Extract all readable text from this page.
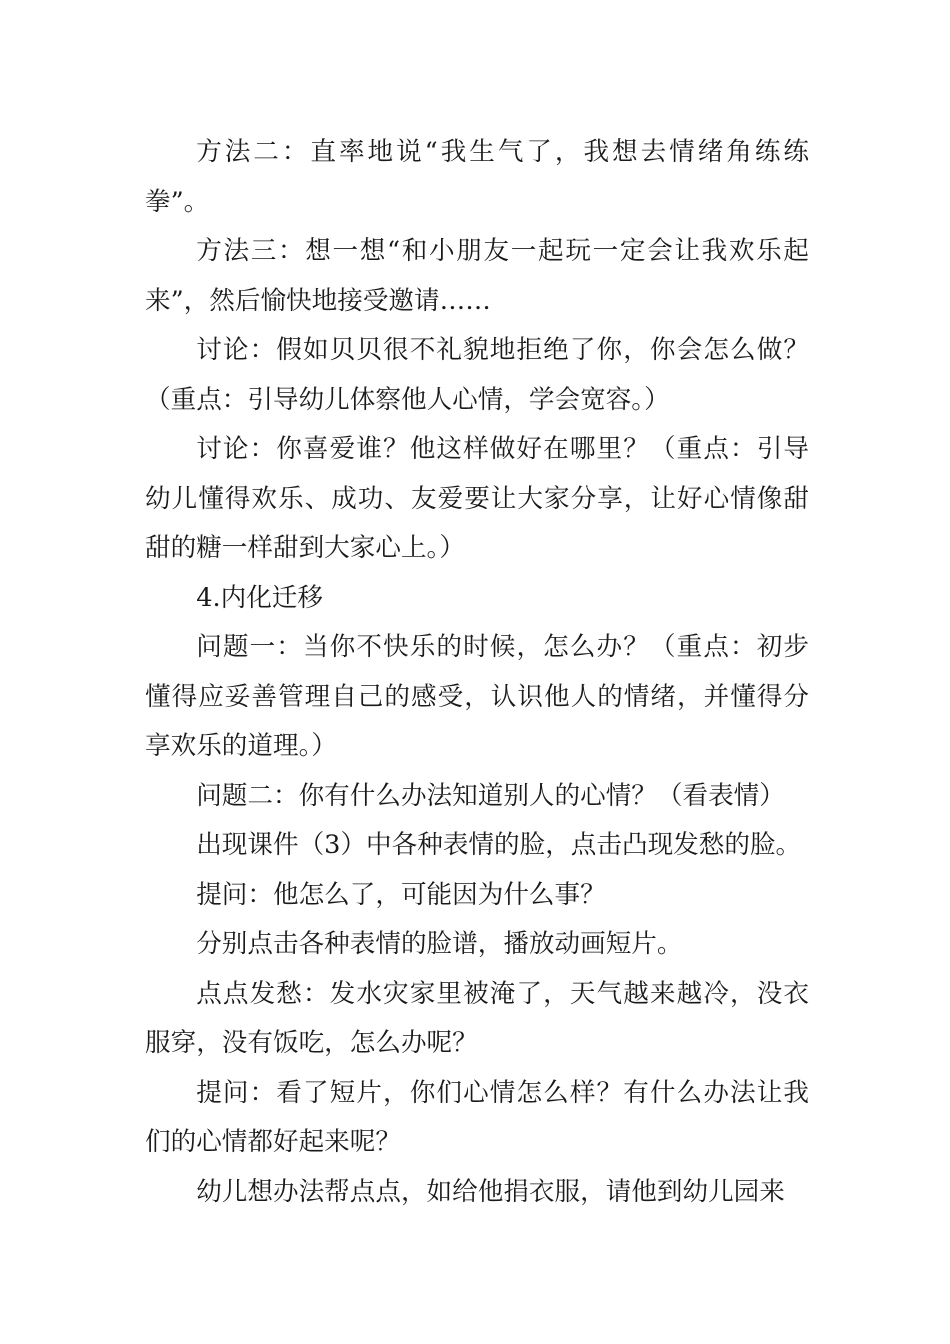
方法二：直率地说“我生气了，我想去情绪角练练拳”。

方法三：想一想“和小朋友一起玩一定会让我欢乐起来”，然后愉快地接受邀请……

讨论：假如贝贝很不礼貌地拒绝了你，你会怎么做？（重点：引导幼儿体察他人心情，学会宽容。）

讨论：你喜爱谁？他这样做好在哪里？（重点：引导幼儿懂得欢乐、成功、友爱要让大家分享，让好心情像甜甜的糖一样甜到大家心上。）

4.内化迁移

问题一：当你不快乐的时候，怎么办？（重点：初步懂得应妥善管理自己的感受，认识他人的情绪，并懂得分享欢乐的道理。）

问题二：你有什么办法知道别人的心情？（看表情）

出现课件（3）中各种表情的脸，点击凸现发愁的脸。

提问：他怎么了，可能因为什么事？

分别点击各种表情的脸谱，播放动画短片。

点点发愁：发水灾家里被淹了，天气越来越冷，没衣服穿，没有饭吃，怎么办呢？

提问：看了短片，你们心情怎么样？有什么办法让我们的心情都好起来呢？

幼儿想办法帮点点，如给他捐衣服，请他到幼儿园来
